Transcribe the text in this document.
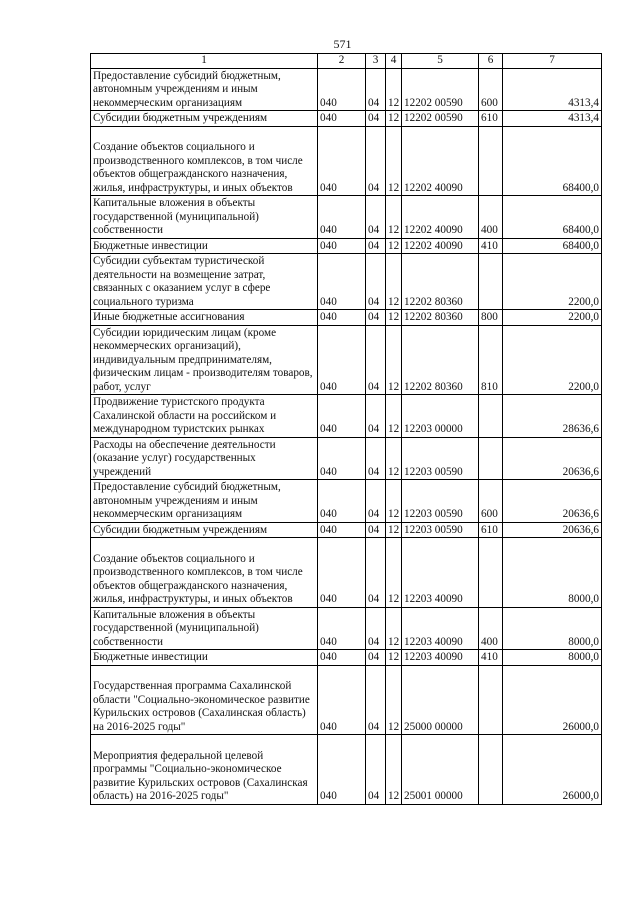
571
1	2	3	4	5	6	7
Предоставление субсидий бюджетным, автономным учреждениям и иным некоммерческим организациям	040	04	12	12202 00590	600	4313,4
Субсидии бюджетным учреждениям	040	04	12	12202 00590	610	4313,4
Создание объектов социального и производственного комплексов, в том числе объектов общегражданского назначения, жилья, инфраструктуры, и иных объектов	040	04	12	12202 40090		68400,0
Капитальные вложения в объекты государственной (муниципальной) собственности	040	04	12	12202 40090	400	68400,0
Бюджетные инвестиции	040	04	12	12202 40090	410	68400,0
Субсидии субъектам туристической деятельности на возмещение затрат, связанных с оказанием услуг в сфере социального туризма	040	04	12	12202 80360		2200,0
Иные бюджетные ассигнования	040	04	12	12202 80360	800	2200,0
Субсидии юридическим лицам (кроме некоммерческих организаций), индивидуальным предпринимателям, физическим лицам - производителям товаров, работ, услуг	040	04	12	12202 80360	810	2200,0
Продвижение туристского продукта Сахалинской области на российском и международном туристских рынках	040	04	12	12203 00000		28636,6
Расходы на обеспечение деятельности (оказание услуг) государственных учреждений	040	04	12	12203 00590		20636,6
Предоставление субсидий бюджетным, автономным учреждениям и иным некоммерческим организациям	040	04	12	12203 00590	600	20636,6
Субсидии бюджетным учреждениям	040	04	12	12203 00590	610	20636,6
Создание объектов социального и производственного комплексов, в том числе объектов общегражданского назначения, жилья, инфраструктуры, и иных объектов	040	04	12	12203 40090		8000,0
Капитальные вложения в объекты государственной (муниципальной) собственности	040	04	12	12203 40090	400	8000,0
Бюджетные инвестиции	040	04	12	12203 40090	410	8000,0
Государственная программа Сахалинской области "Социально-экономическое развитие Курильских островов (Сахалинская область) на 2016-2025 годы"	040	04	12	25000 00000		26000,0
Мероприятия федеральной целевой программы "Социально-экономическое развитие Курильских островов (Сахалинская область) на 2016-2025 годы"	040	04	12	25001 00000		26000,0
